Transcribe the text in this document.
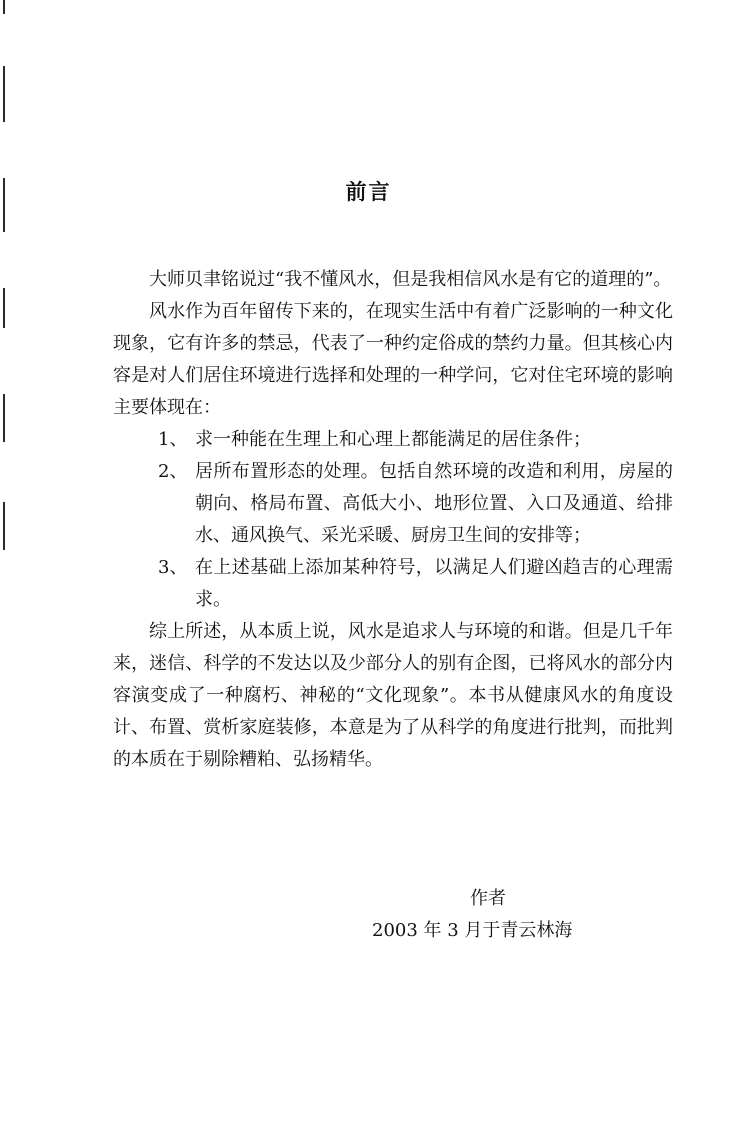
前言

大师贝聿铭说过“我不懂风水，但是我相信风水是有它的道理的”。

风水作为百年留传下来的，在现实生活中有着广泛影响的一种文化现象，它有许多的禁忌，代表了一种约定俗成的禁约力量。但其核心内容是对人们居住环境进行选择和处理的一种学问，它对住宅环境的影响主要体现在：

1、 求一种能在生理上和心理上都能满足的居住条件；
2、 居所布置形态的处理。包括自然环境的改造和利用，房屋的朝向、格局布置、高低大小、地形位置、入口及通道、给排水、通风换气、采光采暖、厨房卫生间的安排等；
3、 在上述基础上添加某种符号，以满足人们避凶趋吉的心理需求。

综上所述，从本质上说，风水是追求人与环境的和谐。但是几千年来，迷信、科学的不发达以及少部分人的别有企图，已将风水的部分内容演变成了一种腐朽、神秘的“文化现象”。本书从健康风水的角度设计、布置、赏析家庭装修，本意是为了从科学的角度进行批判，而批判的本质在于剔除糟粕、弘扬精华。

作者
2003 年 3 月于青云林海
